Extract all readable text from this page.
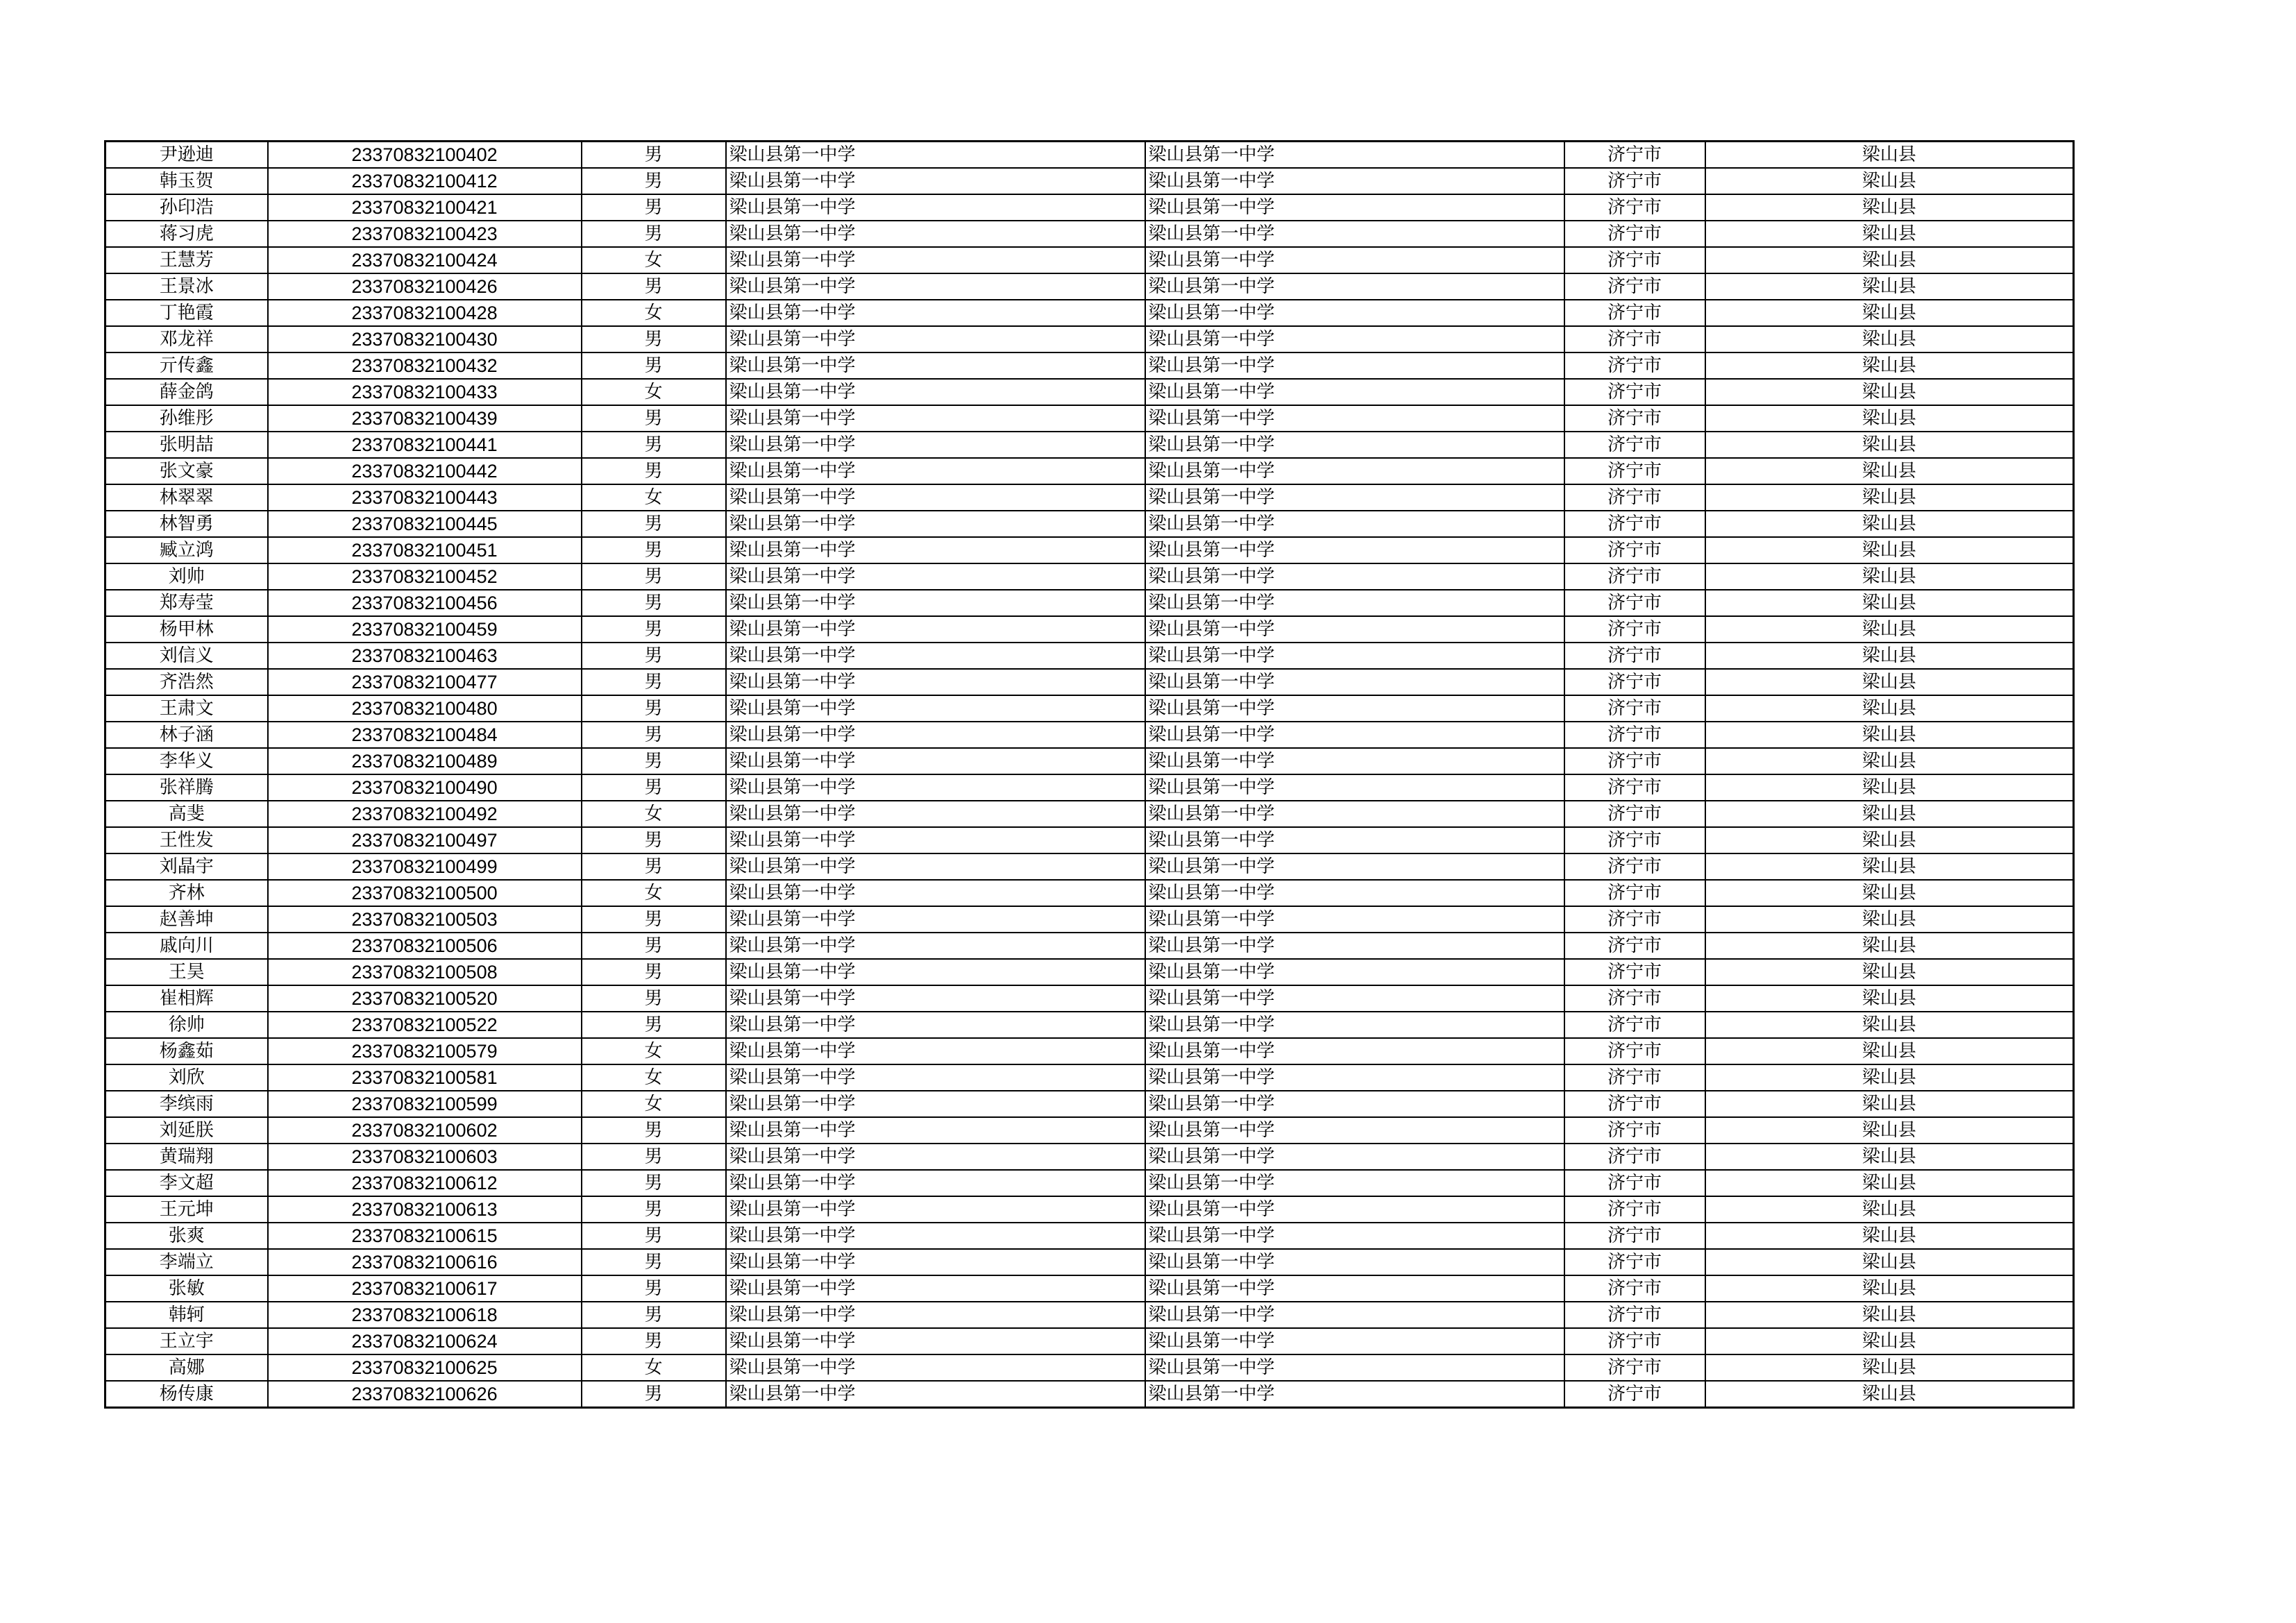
尹逊迪	23370832100402	男	梁山县第一中学	梁山县第一中学	济宁市	梁山县
韩玉贺	23370832100412	男	梁山县第一中学	梁山县第一中学	济宁市	梁山县
孙印浩	23370832100421	男	梁山县第一中学	梁山县第一中学	济宁市	梁山县
蒋习虎	23370832100423	男	梁山县第一中学	梁山县第一中学	济宁市	梁山县
王慧芳	23370832100424	女	梁山县第一中学	梁山县第一中学	济宁市	梁山县
王景冰	23370832100426	男	梁山县第一中学	梁山县第一中学	济宁市	梁山县
丁艳霞	23370832100428	女	梁山县第一中学	梁山县第一中学	济宁市	梁山县
邓龙祥	23370832100430	男	梁山县第一中学	梁山县第一中学	济宁市	梁山县
亓传鑫	23370832100432	男	梁山县第一中学	梁山县第一中学	济宁市	梁山县
薛金鸽	23370832100433	女	梁山县第一中学	梁山县第一中学	济宁市	梁山县
孙维彤	23370832100439	男	梁山县第一中学	梁山县第一中学	济宁市	梁山县
张明喆	23370832100441	男	梁山县第一中学	梁山县第一中学	济宁市	梁山县
张文豪	23370832100442	男	梁山县第一中学	梁山县第一中学	济宁市	梁山县
林翠翠	23370832100443	女	梁山县第一中学	梁山县第一中学	济宁市	梁山县
林智勇	23370832100445	男	梁山县第一中学	梁山县第一中学	济宁市	梁山县
臧立鸿	23370832100451	男	梁山县第一中学	梁山县第一中学	济宁市	梁山县
刘帅	23370832100452	男	梁山县第一中学	梁山县第一中学	济宁市	梁山县
郑寿莹	23370832100456	男	梁山县第一中学	梁山县第一中学	济宁市	梁山县
杨甲林	23370832100459	男	梁山县第一中学	梁山县第一中学	济宁市	梁山县
刘信义	23370832100463	男	梁山县第一中学	梁山县第一中学	济宁市	梁山县
齐浩然	23370832100477	男	梁山县第一中学	梁山县第一中学	济宁市	梁山县
王肃文	23370832100480	男	梁山县第一中学	梁山县第一中学	济宁市	梁山县
林子涵	23370832100484	男	梁山县第一中学	梁山县第一中学	济宁市	梁山县
李华义	23370832100489	男	梁山县第一中学	梁山县第一中学	济宁市	梁山县
张祥腾	23370832100490	男	梁山县第一中学	梁山县第一中学	济宁市	梁山县
高斐	23370832100492	女	梁山县第一中学	梁山县第一中学	济宁市	梁山县
王性发	23370832100497	男	梁山县第一中学	梁山县第一中学	济宁市	梁山县
刘晶宇	23370832100499	男	梁山县第一中学	梁山县第一中学	济宁市	梁山县
齐林	23370832100500	女	梁山县第一中学	梁山县第一中学	济宁市	梁山县
赵善坤	23370832100503	男	梁山县第一中学	梁山县第一中学	济宁市	梁山县
戚向川	23370832100506	男	梁山县第一中学	梁山县第一中学	济宁市	梁山县
王昊	23370832100508	男	梁山县第一中学	梁山县第一中学	济宁市	梁山县
崔相辉	23370832100520	男	梁山县第一中学	梁山县第一中学	济宁市	梁山县
徐帅	23370832100522	男	梁山县第一中学	梁山县第一中学	济宁市	梁山县
杨鑫茹	23370832100579	女	梁山县第一中学	梁山县第一中学	济宁市	梁山县
刘欣	23370832100581	女	梁山县第一中学	梁山县第一中学	济宁市	梁山县
李缤雨	23370832100599	女	梁山县第一中学	梁山县第一中学	济宁市	梁山县
刘延朕	23370832100602	男	梁山县第一中学	梁山县第一中学	济宁市	梁山县
黄瑞翔	23370832100603	男	梁山县第一中学	梁山县第一中学	济宁市	梁山县
李文超	23370832100612	男	梁山县第一中学	梁山县第一中学	济宁市	梁山县
王元坤	23370832100613	男	梁山县第一中学	梁山县第一中学	济宁市	梁山县
张爽	23370832100615	男	梁山县第一中学	梁山县第一中学	济宁市	梁山县
李端立	23370832100616	男	梁山县第一中学	梁山县第一中学	济宁市	梁山县
张敏	23370832100617	男	梁山县第一中学	梁山县第一中学	济宁市	梁山县
韩轲	23370832100618	男	梁山县第一中学	梁山县第一中学	济宁市	梁山县
王立宇	23370832100624	男	梁山县第一中学	梁山县第一中学	济宁市	梁山县
高娜	23370832100625	女	梁山县第一中学	梁山县第一中学	济宁市	梁山县
杨传康	23370832100626	男	梁山县第一中学	梁山县第一中学	济宁市	梁山县
